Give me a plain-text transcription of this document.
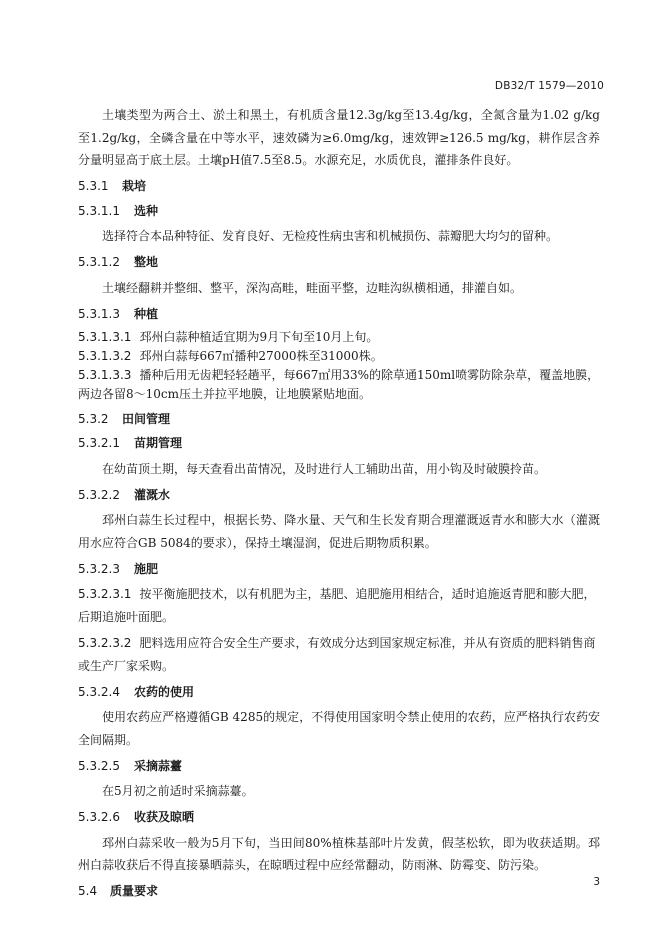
DB32/T 1579—2010

土壤类型为两合土、淤土和黑土，有机质含量12.3g/kg至13.4g/kg，全氮含量为1.02 g/kg至1.2g/kg，全磷含量在中等水平，速效磷为≥6.0mg/kg，速效钾≥126.5 mg/kg，耕作层含养分量明显高于底土层。土壤pH值7.5至8.5。水源充足，水质优良，灌排条件良好。

5.3.1 栽培
5.3.1.1 选种

选择符合本品种特征、发育良好、无检疫性病虫害和机械损伤、蒜瓣肥大均匀的留种。

5.3.1.2 整地

土壤经翻耕并整细、整平，深沟高畦，畦面平整，边畦沟纵横相通，排灌自如。

5.3.1.3 种植

5.3.1.3.1 邳州白蒜种植适宜期为9月下旬至10月上旬。

5.3.1.3.2 邳州白蒜每667㎡播种27000株至31000株。

5.3.1.3.3 播种后用无齿耙轻轻趟平，每667㎡用33%的除草通150ml喷雾防除杂草，覆盖地膜，两边各留8～10cm压土并拉平地膜，让地膜紧贴地面。

5.3.2 田间管理
5.3.2.1 苗期管理

在幼苗顶土期，每天查看出苗情况，及时进行人工辅助出苗，用小钩及时破膜拎苗。

5.3.2.2 灌溉水

邳州白蒜生长过程中，根据长势、降水量、天气和生长发育期合理灌溉返青水和膨大水（灌溉用水应符合GB 5084的要求），保持土壤湿润，促进后期物质积累。

5.3.2.3 施肥

5.3.2.3.1 按平衡施肥技术，以有机肥为主，基肥、追肥施用相结合，适时追施返青肥和膨大肥，后期追施叶面肥。

5.3.2.3.2 肥料选用应符合安全生产要求，有效成分达到国家规定标准，并从有资质的肥料销售商或生产厂家采购。

5.3.2.4 农药的使用

使用农药应严格遵循GB 4285的规定，不得使用国家明令禁止使用的农药，应严格执行农药安全间隔期。

5.3.2.5 采摘蒜薹

在5月初之前适时采摘蒜薹。

5.3.2.6 收获及晾晒

邳州白蒜采收一般为5月下旬，当田间80%植株基部叶片发黄，假茎松软，即为收获适期。邳州白蒜收获后不得直接暴晒蒜头，在晾晒过程中应经常翻动，防雨淋、防霉变、防污染。

5.4 质量要求
3
